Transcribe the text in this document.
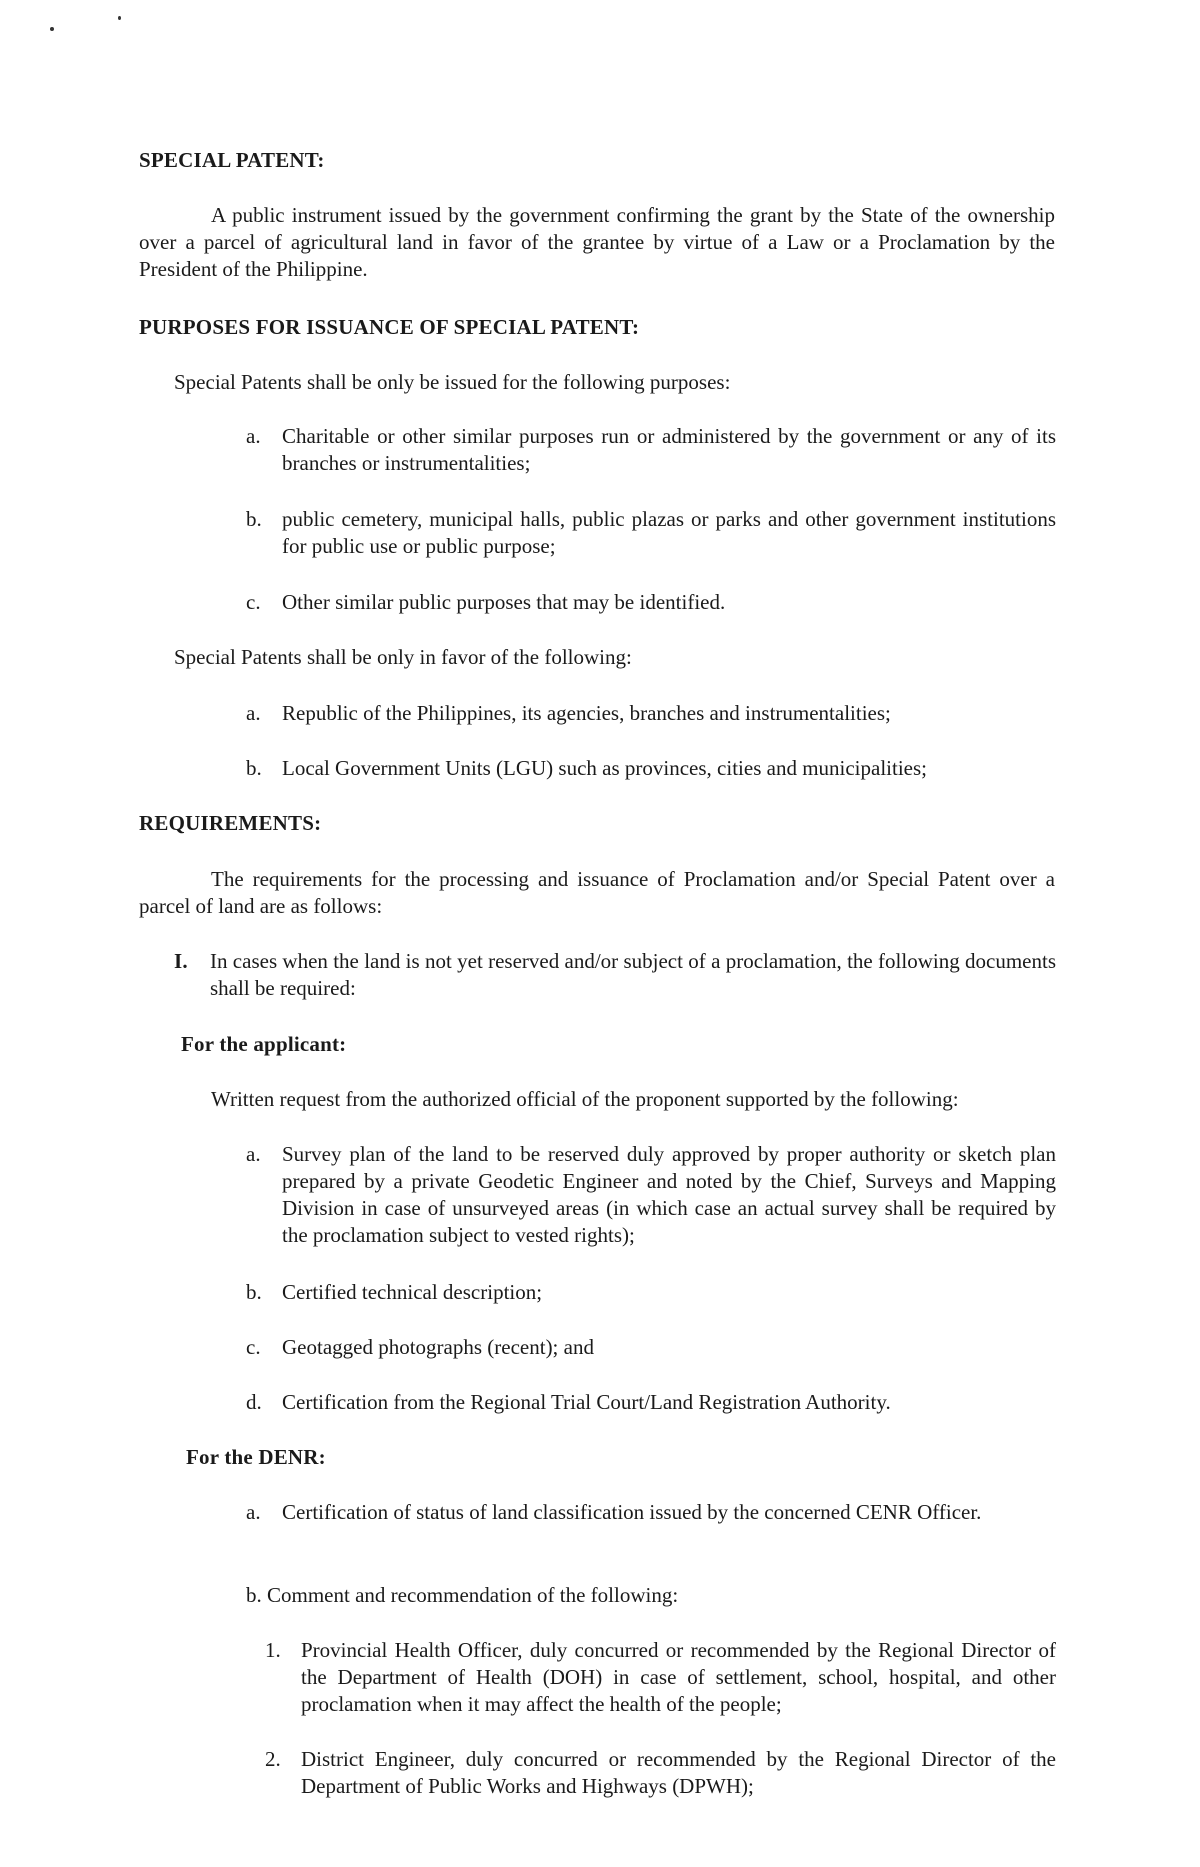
SPECIAL PATENT:
A public instrument issued by the government confirming the grant by the State of the ownership over a parcel of agricultural land in favor of the grantee by virtue of a Law or a Proclamation by the President of the Philippine.
PURPOSES FOR ISSUANCE OF SPECIAL PATENT:
Special Patents shall be only be issued for the following purposes:
a.	Charitable or other similar purposes run or administered by the government or any of its branches or instrumentalities;
b. public cemetery, municipal halls, public plazas or parks and other government institutions for public use or public purpose;
c.	Other similar public purposes that may be identified.
Special Patents shall be only in favor of the following:
a.	Republic of the Philippines, its agencies, branches and instrumentalities;
b. Local Government Units (LGU) such as provinces, cities and municipalities;
REQUIREMENTS:
The requirements for the processing and issuance of Proclamation and/or Special Patent over a parcel of land are as follows:
I.	In cases when the land is not yet reserved and/or subject of a proclamation, the following documents shall be required:
For the applicant:
Written request from the authorized official of the proponent supported by the following:
a.	Survey plan of the land to be reserved duly approved by proper authority or sketch plan prepared by a private Geodetic Engineer and noted by the Chief, Surveys and Mapping Division in case of unsurveyed areas (in which case an actual survey shall be required by the proclamation subject to vested rights);
b. Certified technical description;
c.	Geotagged photographs (recent); and
d. Certification from the Regional Trial Court/Land Registration Authority.
For the DENR:
a.	Certification of status of land classification issued by the concerned CENR Officer.
b. Comment and recommendation of the following:
1. Provincial Health Officer, duly concurred or recommended by the Regional Director of the Department of Health (DOH) in case of settlement, school, hospital, and other proclamation when it may affect the health of the people;
2. District Engineer, duly concurred or recommended by the Regional Director of the Department of Public Works and Highways (DPWH);
